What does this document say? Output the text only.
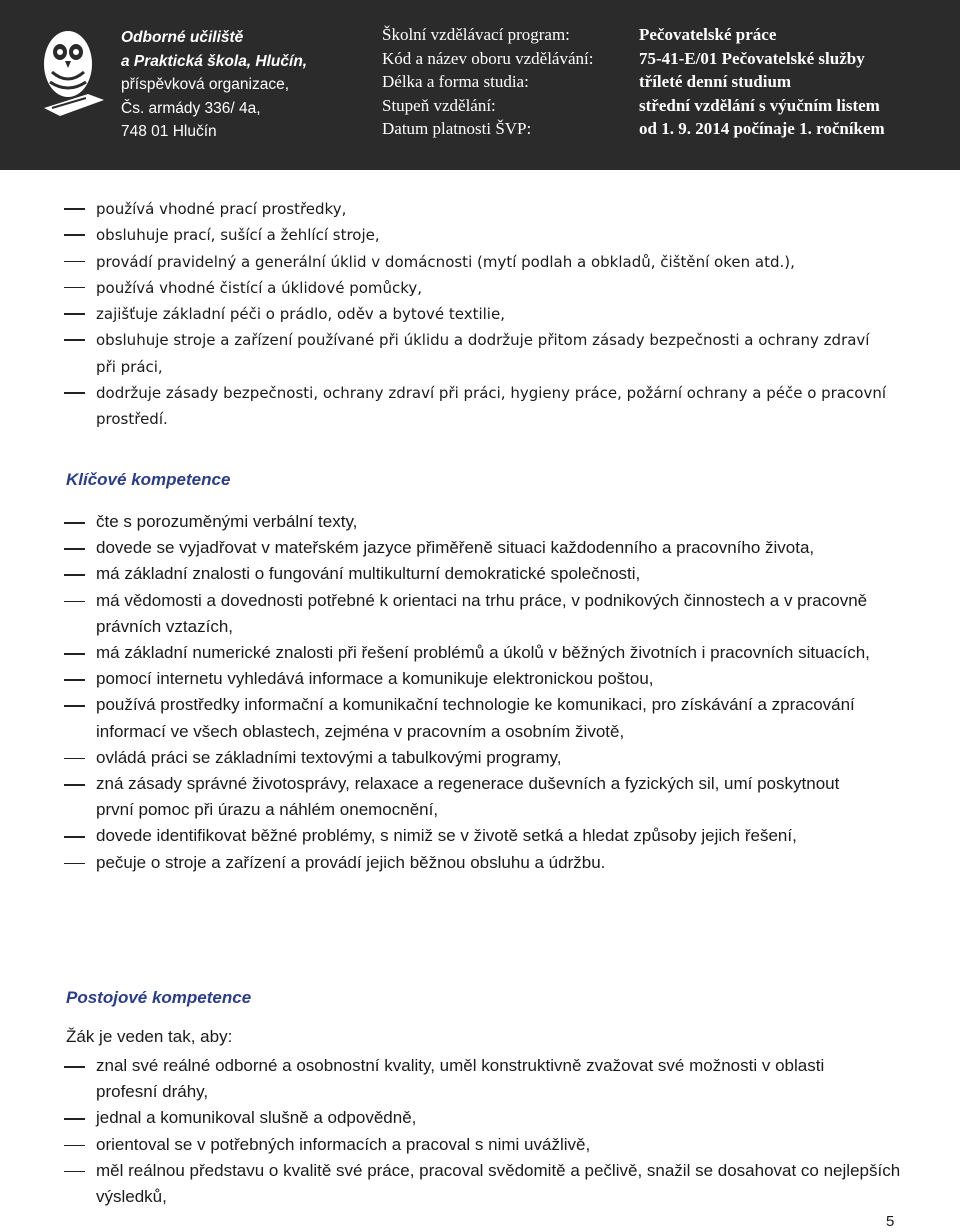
Odborné učiliště
a Praktická škola, Hlučín,
příspěvková organizace,
Čs. armády 336/ 4a,
748 01 Hlučín
Školní vzdělávací program:	Pečovatelské práce
Kód a název oboru vzdělávání:	75-41-E/01 Pečovatelské služby
Délka a forma studia:	tříleté denní studium
Stupeň vzdělání:	střední vzdělání s výučním listem
Datum platnosti ŠVP:	od 1. 9. 2014 počínaje 1. ročníkem
používá vhodné prací prostředky,
obsluhuje prací, sušící a žehlící stroje,
provádí pravidelný a generální úklid v domácnosti (mytí podlah a obkladů, čištění oken atd.),
používá vhodné čistící a úklidové pomůcky,
zajišťuje základní péči o prádlo, oděv a bytové textilie,
obsluhuje stroje a zařízení používané při úklidu a dodržuje přitom zásady bezpečnosti a ochrany zdraví při práci,
dodržuje zásady bezpečnosti, ochrany zdraví při práci, hygieny práce, požární ochrany a péče o pracovní prostředí.
Klíčové kompetence
čte s porozuměnými verbální texty,
dovede se vyjadřovat v mateřském jazyce přiměřeně situaci každodenního a pracovního života,
má základní znalosti o fungování multikulturní demokratické společnosti,
má vědomosti a dovednosti potřebné k orientaci na trhu práce, v podnikových činnostech a v pracovně právních vztazích,
má základní numerické znalosti při řešení problémů a úkolů v běžných životních i pracovních situacích,
pomocí internetu vyhledává informace a komunikuje elektronickou poštou,
používá prostředky informační a komunikační technologie ke komunikaci, pro získávání a zpracování informací ve všech oblastech, zejména v pracovním a osobním životě,
ovládá práci se základními textovými a tabulkovými programy,
zná zásady správné životosprávy, relaxace a regenerace duševních a fyzických sil, umí poskytnout první pomoc při úrazu a náhlém onemocnění,
dovede identifikovat běžné problémy, s nimiž se v životě setká a hledat způsoby jejich řešení,
pečuje o stroje a zařízení a provádí jejich běžnou obsluhu a údržbu.
Postojové kompetence
Žák je veden tak, aby:
znal své reálné odborné a osobnostní kvality, uměl konstruktivně zvažovat své možnosti v oblasti profesní dráhy,
jednal a komunikoval slušně a odpovědně,
orientoval se v potřebných informacích a pracoval s nimi uvážlivě,
měl reálnou představu o kvalitě své práce, pracoval svědomitě a pečlivě, snažil se dosahovat co nejlepších výsledků,
5
